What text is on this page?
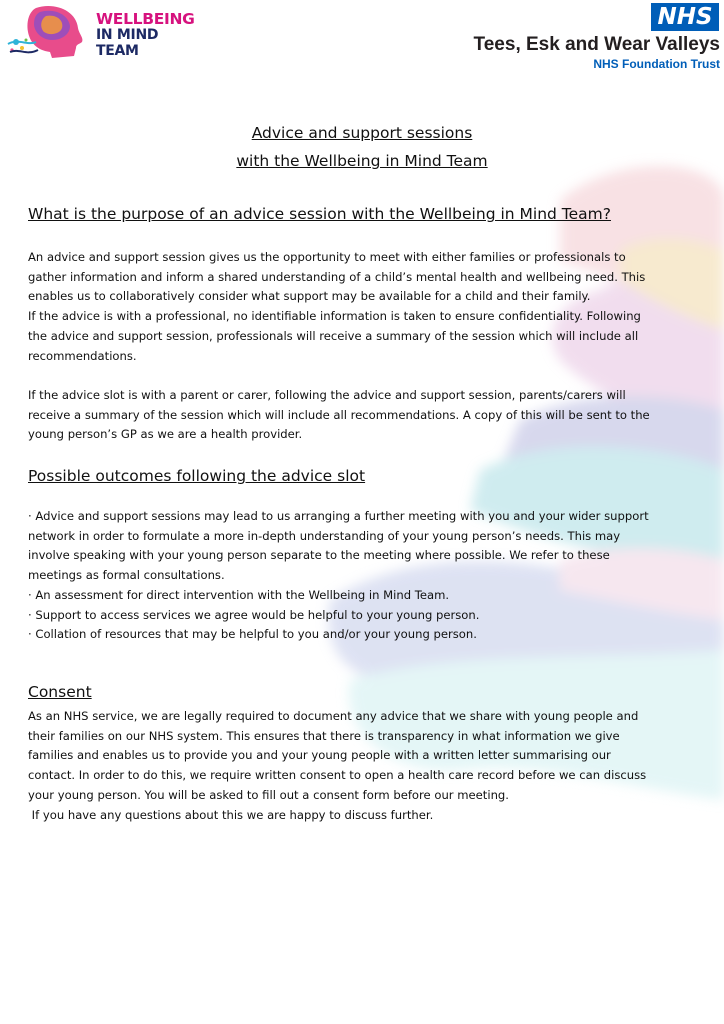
WELLBEING
IN MIND TEAM
NHS
Tees, Esk and Wear Valleys
NHS Foundation Trust
Advice and support sessions
with the Wellbeing in Mind Team
What is the purpose of an advice session with the Wellbeing in Mind Team?

An advice and support session gives us the opportunity to meet with either families or professionals to

gather information and inform a shared understanding of a child’s mental health and wellbeing need. This

enables us to collaboratively consider what support may be available for a child and their family.

If the advice is with a professional, no identifiable information is taken to ensure confidentiality. Following

the advice and support session, professionals will receive a summary of the session which will include all

recommendations.

If the advice slot is with a parent or carer, following the advice and support session, parents/carers will

receive a summary of the session which will include all recommendations. A copy of this will be sent to the

young person’s GP as we are a health provider.

Possible outcomes following the advice slot

· Advice and support sessions may lead to us arranging a further meeting with you and your wider support

network in order to formulate a more in-depth understanding of your young person’s needs. This may

involve speaking with your young person separate to the meeting where possible. We refer to these

meetings as formal consultations.

· An assessment for direct intervention with the Wellbeing in Mind Team.

· Support to access services we agree would be helpful to your young person.

· Collation of resources that may be helpful to you and/or your young person.

Consent

As an NHS service, we are legally required to document any advice that we share with young people and

their families on our NHS system. This ensures that there is transparency in what information we give

families and enables us to provide you and your young people with a written letter summarising our

contact. In order to do this, we require written consent to open a health care record before we can discuss

your young person. You will be asked to fill out a consent form before our meeting.

If you have any questions about this we are happy to discuss further.
